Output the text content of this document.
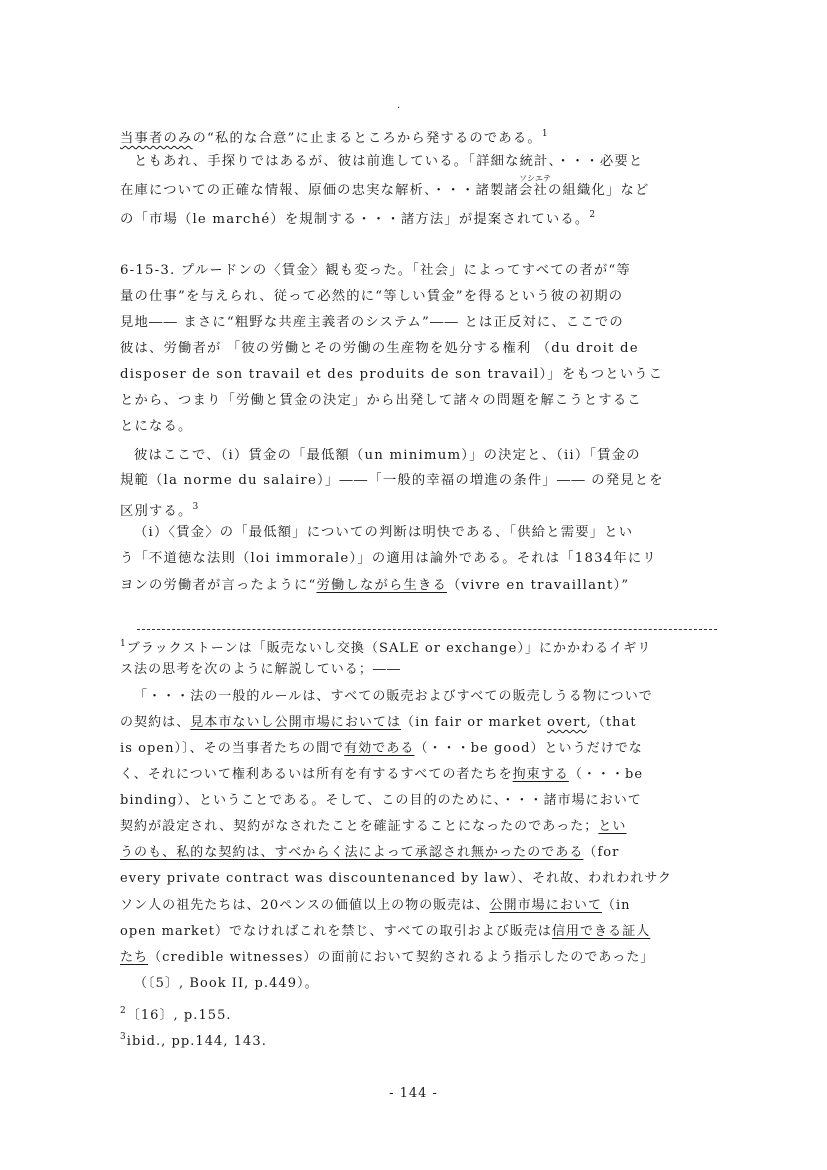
.
当事者のみの“私的な合意”に止まるところから発するのである。$^1$
ともあれ、手探りではあるが、彼は前進している。「詳細な統計、・・・必要と
在庫についての正確な情報、原価の忠実な解析、・・・諸製諸
ソシエテ
会社の組織化」など
の「市場（le marché）を規制する・・・諸方法」が提案されている。$^2$
6-15-3. プルードンの〈賃金〉観も変った。「社会」によってすべての者が“等
量の仕事”を与えられ、従って必然的に“等しい賃金”を得るという彼の初期の
見地―― まさに“粗野な共産主義者のシステム”―― とは正反対に、ここでの
彼は、労働者が 「彼の労働とその労働の生産物を処分する権利 （du droit de
disposer de son travail et des produits de son travail）」をもつというこ
とから、つまり「労働と賃金の決定」から出発して諸々の問題を解こうとするこ
とになる。
彼はここで、（i）賃金の「最低額（un minimum）」の決定と、（ii）「賃金の
規範（la norme du salaire）」――「一般的幸福の増進の条件」―― の発見とを
区別する。$^3$
（i）〈賃金〉の「最低額」についての判断は明快である、「供給と需要」とい
う「不道徳な法則（loi immorale）」の適用は論外である。それは「1834年にリ
ヨンの労働者が言ったように“労働しながら生きる（vivre en travaillant）”
$^1$ブラックストーンは「販売ないし交換（SALE or exchange）」にかかわるイギリ
ス法の思考を次のように解説している；――
「・・・法の一般的ルールは、すべての販売およびすべての販売しうる物についで
の契約は、見本市ないし公開市場においては（in fair or market overt,（that
is open）〕、その当事者たちの間で有効である（・・・be good）というだけでな
く、それについて権利あるいは所有を有するすべての者たちを拘束する（・・・be
binding）、ということである。そして、この目的のために、・・・諸市場において
契約が設定され、契約がなされたことを確証することになったのであった；とい
うのも、私的な契約は、すべからく法によって承認され無かったのである（for
every private contract was discountenanced by law）、それ故、われわれサク
ソン人の祖先たちは、20ペンスの価値以上の物の販売は、公開市場において（in
open market）でなければこれを禁じ、すべての取引および販売は信用できる証人
たち（credible witnesses）の面前において契約されるよう指示したのであった」
（〔5〕, Book II, p.449）。
$^2$〔16〕, p.155.
$^3$ibid., pp.144, 143.
- 144 -
